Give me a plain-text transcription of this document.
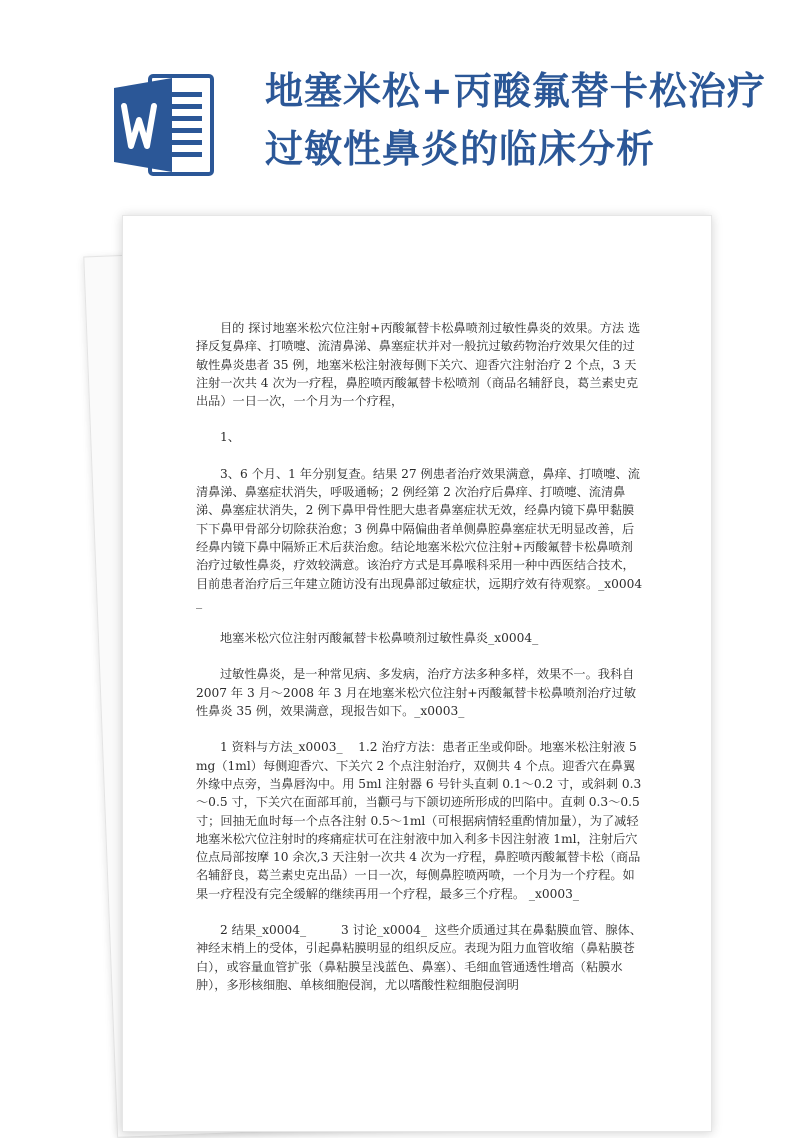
地塞米松+丙酸氟替卡松治疗
过敏性鼻炎的临床分析

目的 探讨地塞米松穴位注射+丙酸氟替卡松鼻喷剂过敏性鼻炎的效果。方法 选择反复鼻痒、打喷嚏、流清鼻涕、鼻塞症状并对一般抗过敏药物治疗效果欠佳的过敏性鼻炎患者 35 例，地塞米松注射液每侧下关穴、迎香穴注射治疗 2 个点，3 天注射一次共 4 次为一疗程，鼻腔喷丙酸氟替卡松喷剂（商品名辅舒良，葛兰素史克出品）一日一次，一个月为一个疗程，

1、

3、6 个月、1 年分别复查。结果 27 例患者治疗效果满意，鼻痒、打喷嚏、流清鼻涕、鼻塞症状消失，呼吸通畅；2 例经第 2 次治疗后鼻痒、打喷嚏、流清鼻涕、鼻塞症状消失，2 例下鼻甲骨性肥大患者鼻塞症状无效，经鼻内镜下鼻甲黏膜下下鼻甲骨部分切除获治愈；3 例鼻中隔偏曲者单侧鼻腔鼻塞症状无明显改善，后经鼻内镜下鼻中隔矫正术后获治愈。结论地塞米松穴位注射+丙酸氟替卡松鼻喷剂治疗过敏性鼻炎，疗效较满意。该治疗方式是耳鼻喉科采用一种中西医结合技术，目前患者治疗后三年建立随访没有出现鼻部过敏症状，远期疗效有待观察。_x0004_

地塞米松穴位注射丙酸氟替卡松鼻喷剂过敏性鼻炎_x0004_

过敏性鼻炎，是一种常见病、多发病，治疗方法多种多样，效果不一。我科自 2007 年 3 月～2008 年 3 月在地塞米松穴位注射+丙酸氟替卡松鼻喷剂治疗过敏性鼻炎 35 例，效果满意，现报告如下。_x0003_

1 资料与方法_x0003_    1.2 治疗方法：患者正坐或仰卧。地塞米松注射液 5mg（1ml）每侧迎香穴、下关穴 2 个点注射治疗，双侧共 4 个点。迎香穴在鼻翼外缘中点旁，当鼻唇沟中。用 5ml 注射器 6 号针头直刺 0.1～0.2 寸，或斜刺 0.3～0.5 寸，下关穴在面部耳前，当颧弓与下颌切迹所形成的凹陷中。直刺 0.3～0.5 寸；回抽无血时每一个点各注射 0.5～1ml（可根据病情轻重酌情加量），为了减轻地塞米松穴位注射时的疼痛症状可在注射液中加入利多卡因注射液 1ml，注射后穴位点局部按摩 10 余次,3 天注射一次共 4 次为一疗程，鼻腔喷丙酸氟替卡松（商品名辅舒良，葛兰素史克出品）一日一次，每侧鼻腔喷两喷，一个月为一个疗程。如果一疗程没有完全缓解的继续再用一个疗程，最多三个疗程。 _x0003_

2 结果_x0004_         3 讨论_x0004_  这些介质通过其在鼻黏膜血管、腺体、神经末梢上的受体，引起鼻粘膜明显的组织反应。表现为阻力血管收缩（鼻粘膜苍白），或容量血管扩张（鼻粘膜呈浅蓝色、鼻塞）、毛细血管通透性增高（粘膜水肿），多形核细胞、单核细胞侵润，尤以嗜酸性粒细胞侵润明
